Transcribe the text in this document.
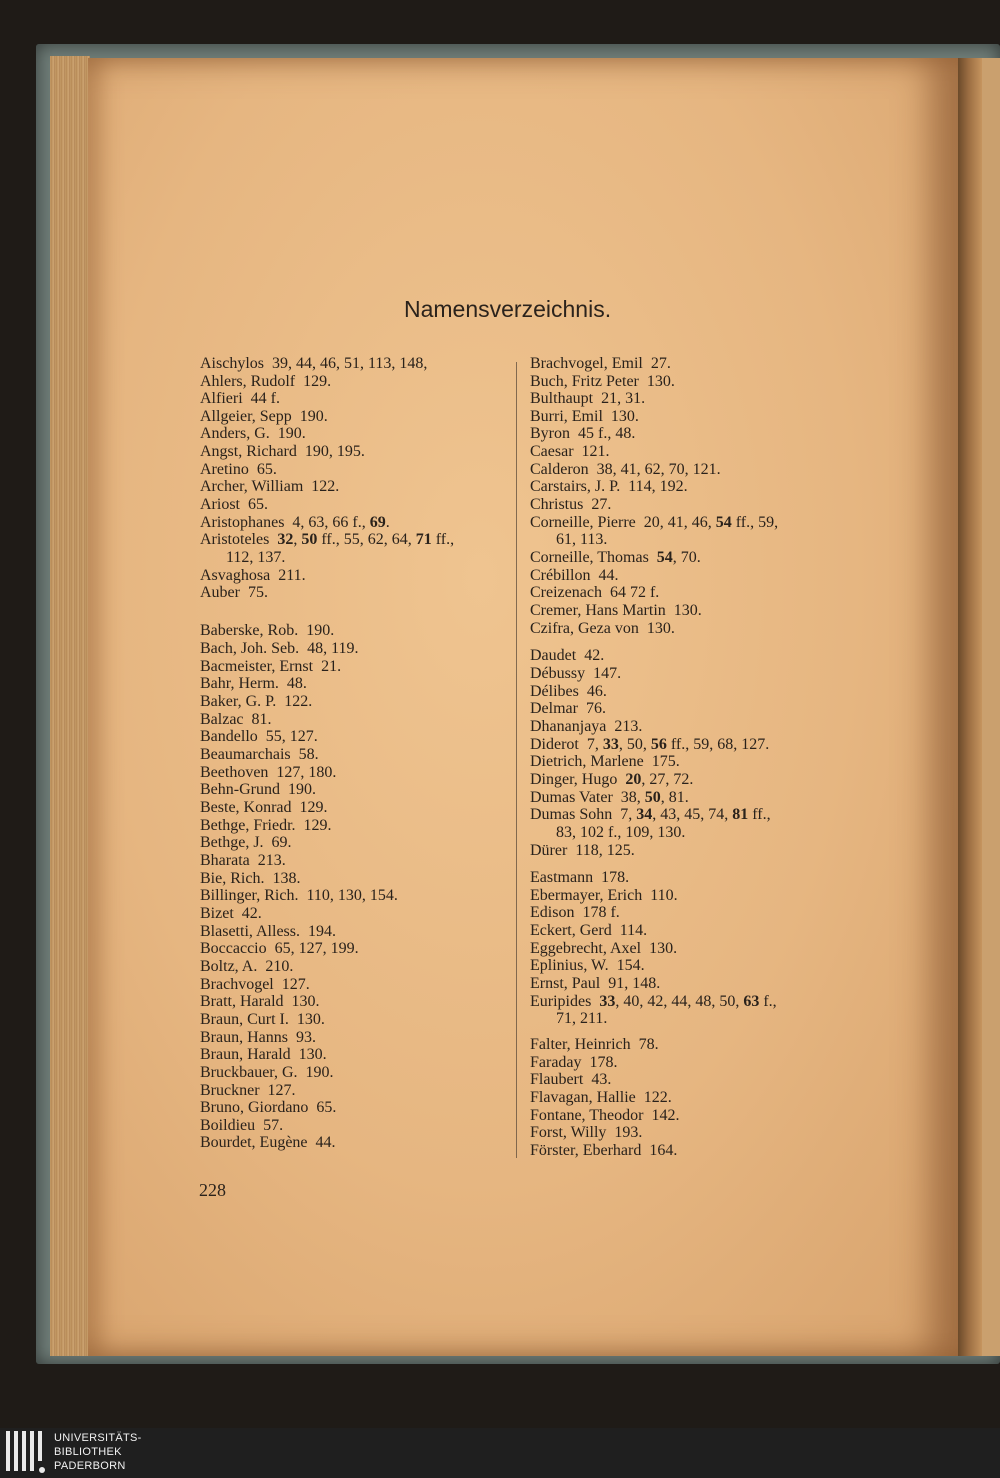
Namensverzeichnis.
Aischylos  39, 44, 46, 51, 113, 148,
Ahlers, Rudolf  129.
Alfieri  44 f.
Allgeier, Sepp  190.
Anders, G.  190.
Angst, Richard  190, 195.
Aretino  65.
Archer, William  122.
Ariost  65.
Aristophanes  4, 63, 66 f., 69.
Aristoteles  32, 50 ff., 55, 62, 64, 71 ff.,
112, 137.
Asvaghosa  211.
Auber  75.
Baberske, Rob.  190.
Bach, Joh. Seb.  48, 119.
Bacmeister, Ernst  21.
Bahr, Herm.  48.
Baker, G. P.  122.
Balzac  81.
Bandello  55, 127.
Beaumarchais  58.
Beethoven  127, 180.
Behn-Grund  190.
Beste, Konrad  129.
Bethge, Friedr.  129.
Bethge, J.  69.
Bharata  213.
Bie, Rich.  138.
Billinger, Rich.  110, 130, 154.
Bizet  42.
Blasetti, Alless.  194.
Boccaccio  65, 127, 199.
Boltz, A.  210.
Brachvogel  127.
Bratt, Harald  130.
Braun, Curt I.  130.
Braun, Hanns  93.
Braun, Harald  130.
Bruckbauer, G.  190.
Bruckner  127.
Bruno, Giordano  65.
Boildieu  57.
Bourdet, Eugène  44.
Brachvogel, Emil  27.
Buch, Fritz Peter  130.
Bulthaupt  21, 31.
Burri, Emil  130.
Byron  45 f., 48.
Caesar  121.
Calderon  38, 41, 62, 70, 121.
Carstairs, J. P.  114, 192.
Christus  27.
Corneille, Pierre  20, 41, 46, 54 ff., 59,
61, 113.
Corneille, Thomas  54, 70.
Crébillon  44.
Creizenach  64 72 f.
Cremer, Hans Martin  130.
Czifra, Geza von  130.
Daudet  42.
Débussy  147.
Délibes  46.
Delmar  76.
Dhananjaya  213.
Diderot  7, 33, 50, 56 ff., 59, 68, 127.
Dietrich, Marlene  175.
Dinger, Hugo  20, 27, 72.
Dumas Vater  38, 50, 81.
Dumas Sohn  7, 34, 43, 45, 74, 81 ff.,
83, 102 f., 109, 130.
Dürer  118, 125.
Eastmann  178.
Ebermayer, Erich  110.
Edison  178 f.
Eckert, Gerd  114.
Eggebrecht, Axel  130.
Eplinius, W.  154.
Ernst, Paul  91, 148.
Euripides  33, 40, 42, 44, 48, 50, 63 f.,
71, 211.
Falter, Heinrich  78.
Faraday  178.
Flaubert  43.
Flavagan, Hallie  122.
Fontane, Theodor  142.
Forst, Willy  193.
Förster, Eberhard  164.
228
UNIVERSITÄTS-
BIBLIOTHEK
PADERBORN
